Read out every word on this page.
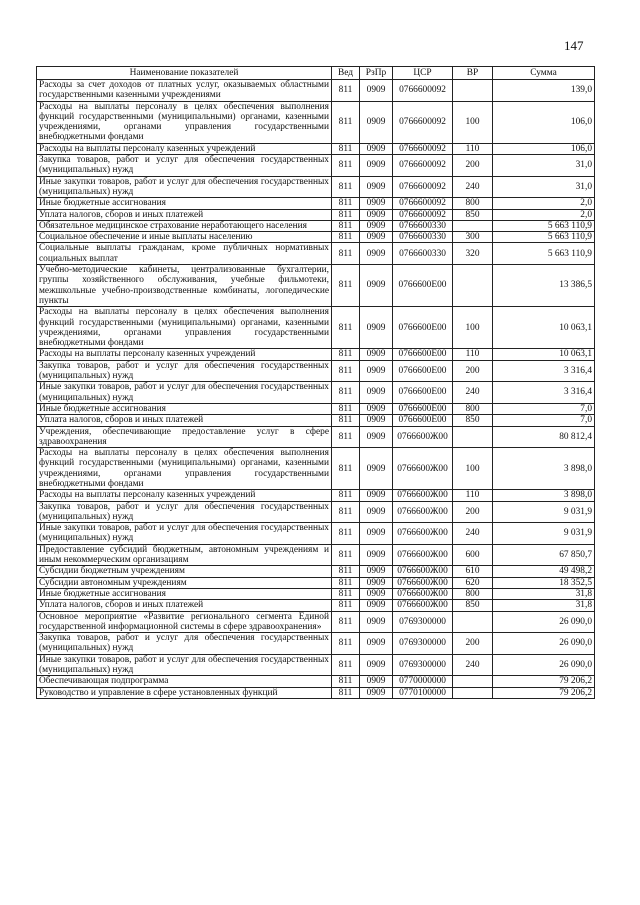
147
Наименование показателей	Вед	РзПр	ЦСР	ВР	Сумма
Расходы за счет доходов от платных услуг, оказываемых областными государственными казенными учреждениями	811	0909	0766600092		139,0
Расходы на выплаты персоналу в целях обеспечения выполнения функций государственными (муниципальными) органами, казенными учреждениями, органами управления государственными внебюджетными фондами	811	0909	0766600092	100	106,0
Расходы на выплаты персоналу казенных учреждений	811	0909	0766600092	110	106,0
Закупка товаров, работ и услуг для обеспечения государственных (муниципальных) нужд	811	0909	0766600092	200	31,0
Иные закупки товаров, работ и услуг для обеспечения государственных (муниципальных) нужд	811	0909	0766600092	240	31,0
Иные бюджетные ассигнования	811	0909	0766600092	800	2,0
Уплата налогов, сборов и иных платежей	811	0909	0766600092	850	2,0
Обязательное медицинское страхование неработающего населения	811	0909	0766600330		5 663 110,9
Социальное обеспечение и иные выплаты населению	811	0909	0766600330	300	5 663 110,9
Социальные выплаты гражданам, кроме публичных нормативных социальных выплат	811	0909	0766600330	320	5 663 110,9
Учебно-методические кабинеты, централизованные бухгалтерии, группы хозяйственного обслуживания, учебные фильмотеки, межшкольные учебно-производственные комбинаты, логопедические пункты	811	0909	0766600Е00		13 386,5
Расходы на выплаты персоналу в целях обеспечения выполнения функций государственными (муниципальными) органами, казенными учреждениями, органами управления государственными внебюджетными фондами	811	0909	0766600Е00	100	10 063,1
Расходы на выплаты персоналу казенных учреждений	811	0909	0766600Е00	110	10 063,1
Закупка товаров, работ и услуг для обеспечения государственных (муниципальных) нужд	811	0909	0766600Е00	200	3 316,4
Иные закупки товаров, работ и услуг для обеспечения государственных (муниципальных) нужд	811	0909	0766600Е00	240	3 316,4
Иные бюджетные ассигнования	811	0909	0766600Е00	800	7,0
Уплата налогов, сборов и иных платежей	811	0909	0766600Е00	850	7,0
Учреждения, обеспечивающие предоставление услуг в сфере здравоохранения	811	0909	0766600Ж00		80 812,4
Расходы на выплаты персоналу в целях обеспечения выполнения функций государственными (муниципальными) органами, казенными учреждениями, органами управления государственными внебюджетными фондами	811	0909	0766600Ж00	100	3 898,0
Расходы на выплаты персоналу казенных учреждений	811	0909	0766600Ж00	110	3 898,0
Закупка товаров, работ и услуг для обеспечения государственных (муниципальных) нужд	811	0909	0766600Ж00	200	9 031,9
Иные закупки товаров, работ и услуг для обеспечения государственных (муниципальных) нужд	811	0909	0766600Ж00	240	9 031,9
Предоставление субсидий бюджетным, автономным учреждениям и иным некоммерческим организациям	811	0909	0766600Ж00	600	67 850,7
Субсидии бюджетным учреждениям	811	0909	0766600Ж00	610	49 498,2
Субсидии автономным учреждениям	811	0909	0766600Ж00	620	18 352,5
Иные бюджетные ассигнования	811	0909	0766600Ж00	800	31,8
Уплата налогов, сборов и иных платежей	811	0909	0766600Ж00	850	31,8
Основное мероприятие «Развитие регионального сегмента Единой государственной информационной системы в сфере здравоохранения»	811	0909	0769300000		26 090,0
Закупка товаров, работ и услуг для обеспечения государственных (муниципальных) нужд	811	0909	0769300000	200	26 090,0
Иные закупки товаров, работ и услуг для обеспечения государственных (муниципальных) нужд	811	0909	0769300000	240	26 090,0
Обеспечивающая подпрограмма	811	0909	0770000000		79 206,2
Руководство и управление в сфере установленных функций	811	0909	0770100000		79 206,2
